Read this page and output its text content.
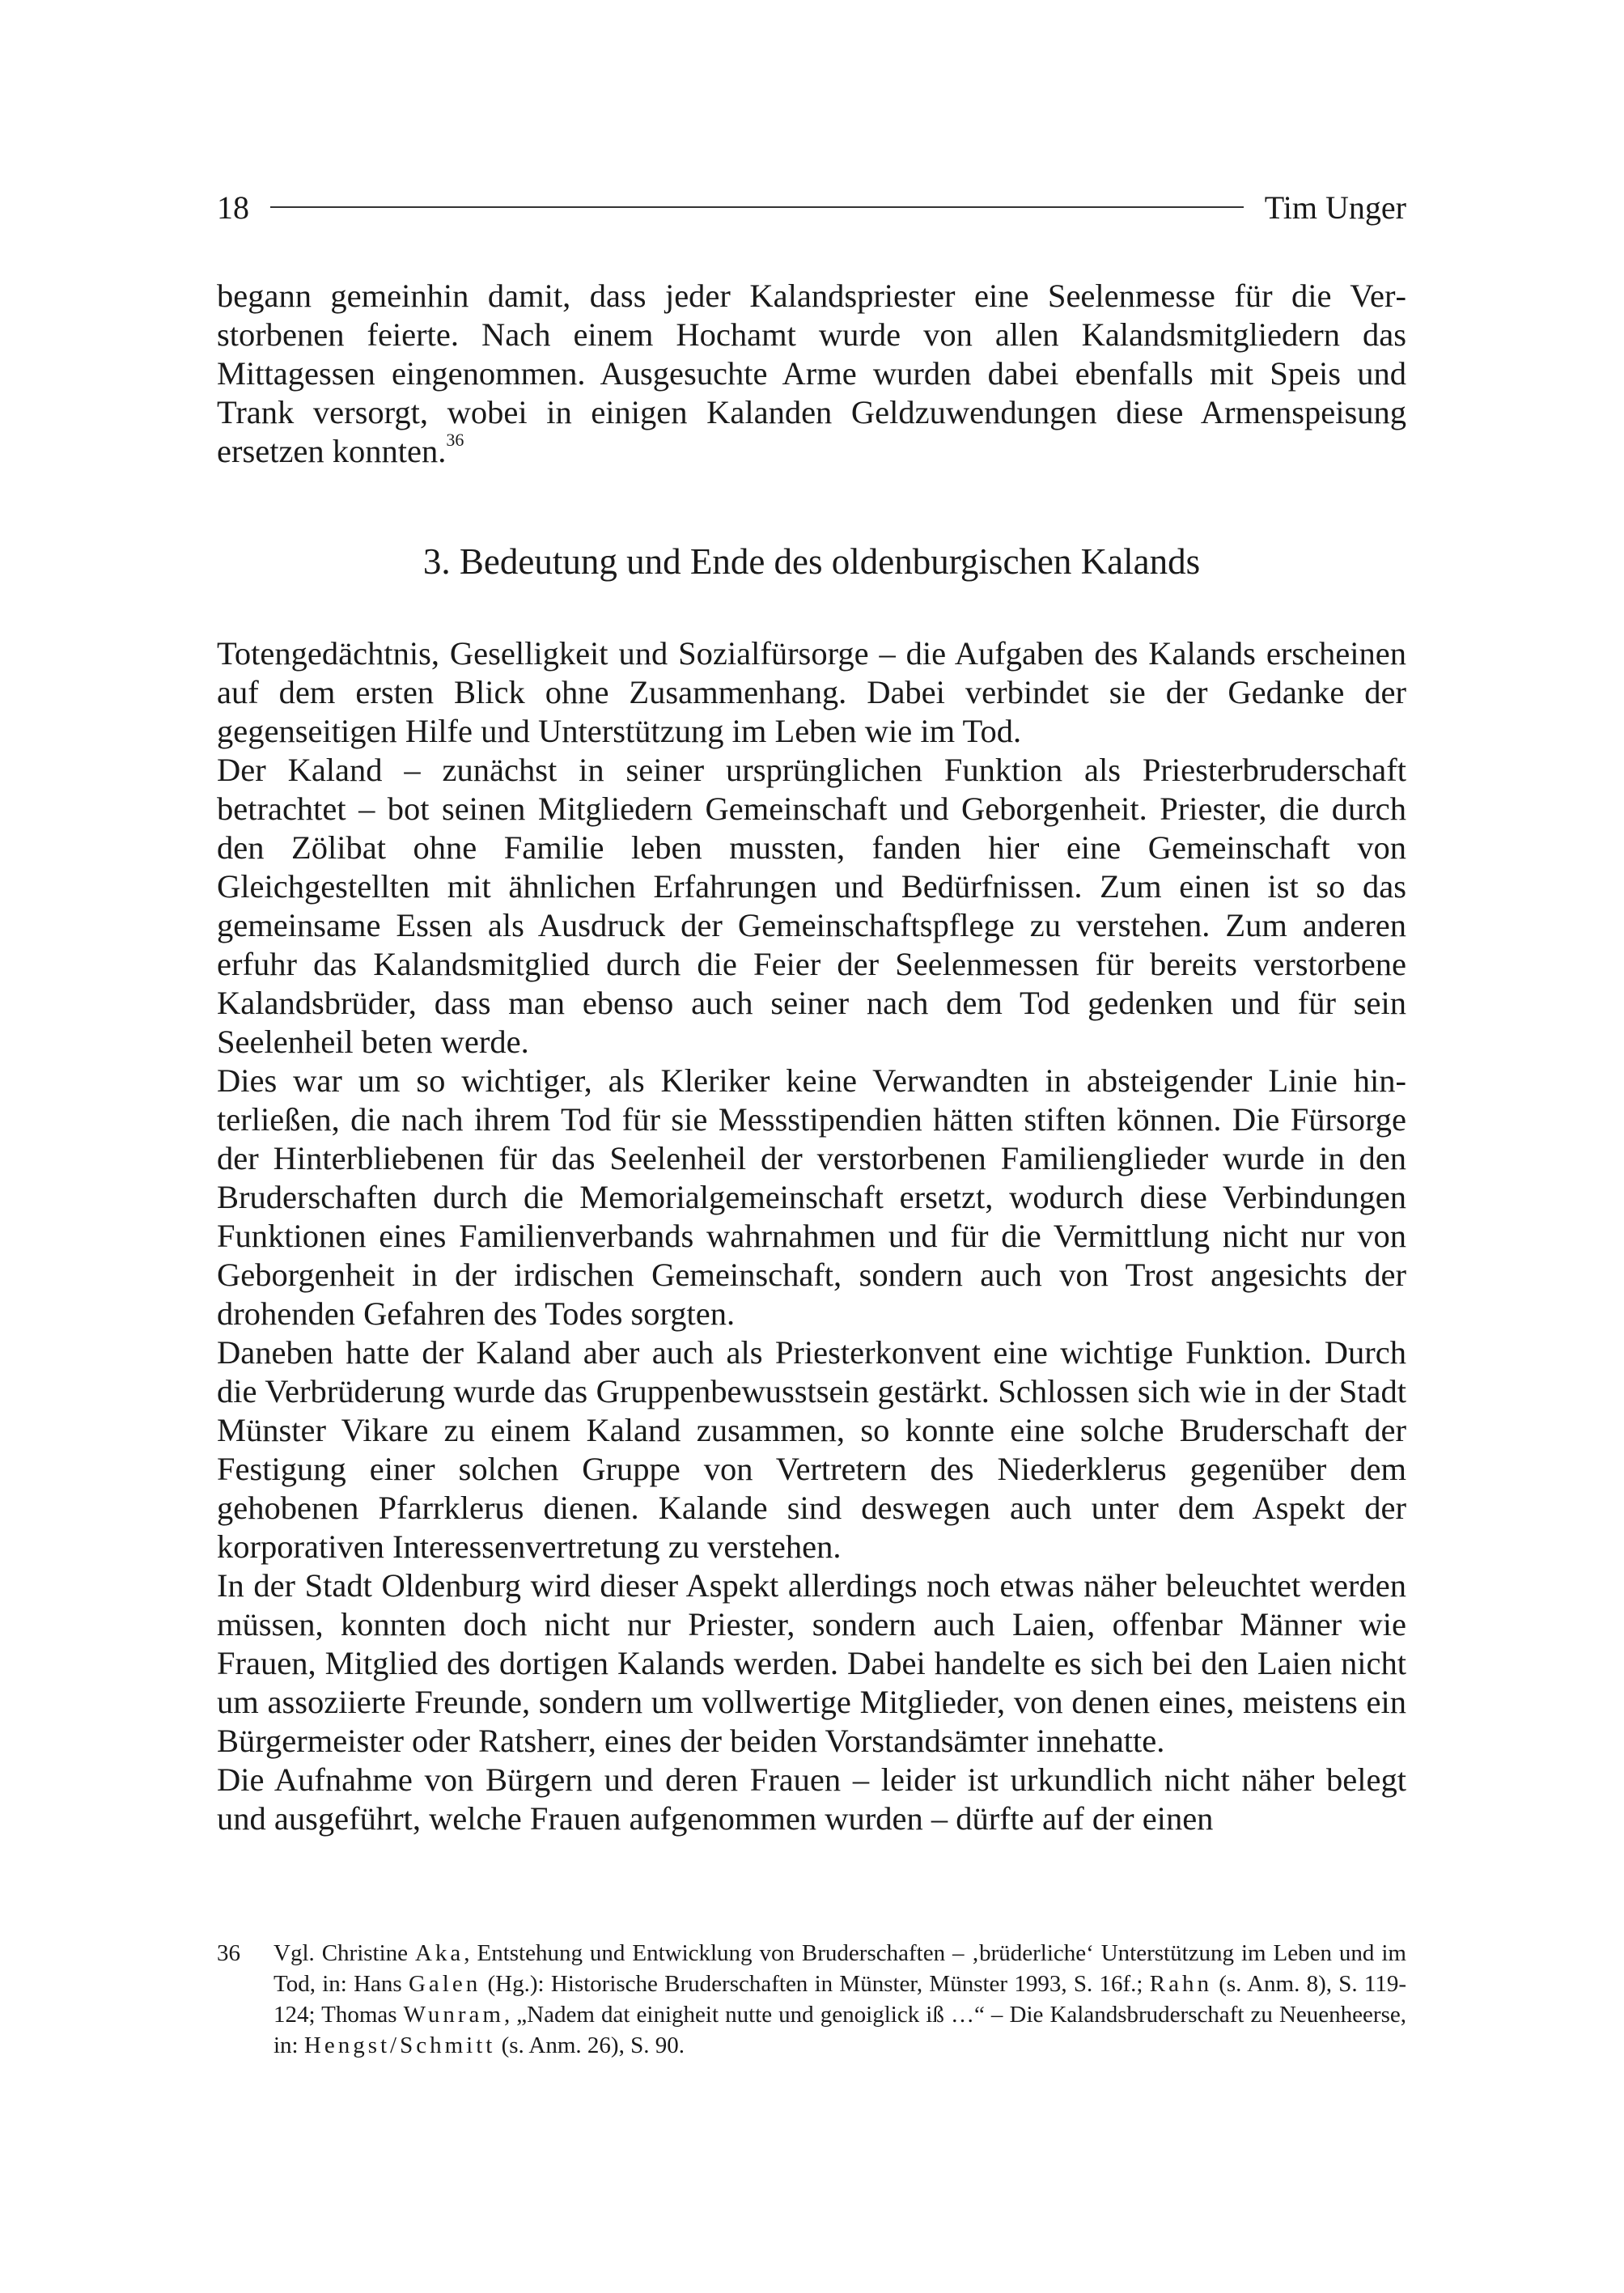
18	Tim Unger

begann gemeinhin damit, dass jeder Kalandspriester eine Seelenmesse für die Verstorbenen feierte. Nach einem Hochamt wurde von allen Kalandsmitgliedern das Mittagessen eingenommen. Ausgesuchte Arme wurden dabei ebenfalls mit Speis und Trank versorgt, wobei in einigen Kalanden Geldzuwendungen diese Armenspeisung ersetzen konnten.$^{36}$

3. Bedeutung und Ende des oldenburgischen Kalands

Totengedächtnis, Geselligkeit und Sozialfürsorge – die Aufgaben des Kalands erscheinen auf dem ersten Blick ohne Zusammenhang. Dabei verbindet sie der Gedanke der gegenseitigen Hilfe und Unterstützung im Leben wie im Tod.

Der Kaland – zunächst in seiner ursprünglichen Funktion als Priesterbruderschaft betrachtet – bot seinen Mitgliedern Gemeinschaft und Geborgenheit. Priester, die durch den Zölibat ohne Familie leben mussten, fanden hier eine Gemeinschaft von Gleichgestellten mit ähnlichen Erfahrungen und Bedürfnissen. Zum einen ist so das gemeinsame Essen als Ausdruck der Gemeinschaftspflege zu verstehen. Zum anderen erfuhr das Kalandsmitglied durch die Feier der Seelenmessen für bereits verstorbene Kalandsbrüder, dass man ebenso auch seiner nach dem Tod gedenken und für sein Seelenheil beten werde.

Dies war um so wichtiger, als Kleriker keine Verwandten in absteigender Linie hinterließen, die nach ihrem Tod für sie Messstipendien hätten stiften können. Die Fürsorge der Hinterbliebenen für das Seelenheil der verstorbenen Familienglieder wurde in den Bruderschaften durch die Memorialgemeinschaft ersetzt, wodurch diese Verbindungen Funktionen eines Familienverbands wahrnahmen und für die Vermittlung nicht nur von Geborgenheit in der irdischen Gemeinschaft, sondern auch von Trost angesichts der drohenden Gefahren des Todes sorgten.

Daneben hatte der Kaland aber auch als Priesterkonvent eine wichtige Funktion. Durch die Verbrüderung wurde das Gruppenbewusstsein gestärkt. Schlossen sich wie in der Stadt Münster Vikare zu einem Kaland zusammen, so konnte eine solche Bruderschaft der Festigung einer solchen Gruppe von Vertretern des Niederklerus gegenüber dem gehobenen Pfarrklerus dienen. Kalande sind deswegen auch unter dem Aspekt der korporativen Interessenvertretung zu verstehen.

In der Stadt Oldenburg wird dieser Aspekt allerdings noch etwas näher beleuchtet werden müssen, konnten doch nicht nur Priester, sondern auch Laien, offenbar Männer wie Frauen, Mitglied des dortigen Kalands werden. Dabei handelte es sich bei den Laien nicht um assoziierte Freunde, sondern um vollwertige Mitglieder, von denen eines, meistens ein Bürgermeister oder Ratsherr, eines der beiden Vorstandsämter innehatte.

Die Aufnahme von Bürgern und deren Frauen – leider ist urkundlich nicht näher belegt und ausgeführt, welche Frauen aufgenommen wurden – dürfte auf der einen

36	Vgl. Christine Aka, Entstehung und Entwicklung von Bruderschaften – ‚brüderliche‘ Unterstützung im Leben und im Tod, in: Hans Galen (Hg.): Historische Bruderschaften in Münster, Münster 1993, S. 16f.; Rahn (s. Anm. 8), S. 119-124; Thomas Wunram, „Nadem dat einigheit nutte und genoiglick iß …“ – Die Kalandsbruderschaft zu Neuenheerse, in: Hengst/Schmitt (s. Anm. 26), S. 90.
